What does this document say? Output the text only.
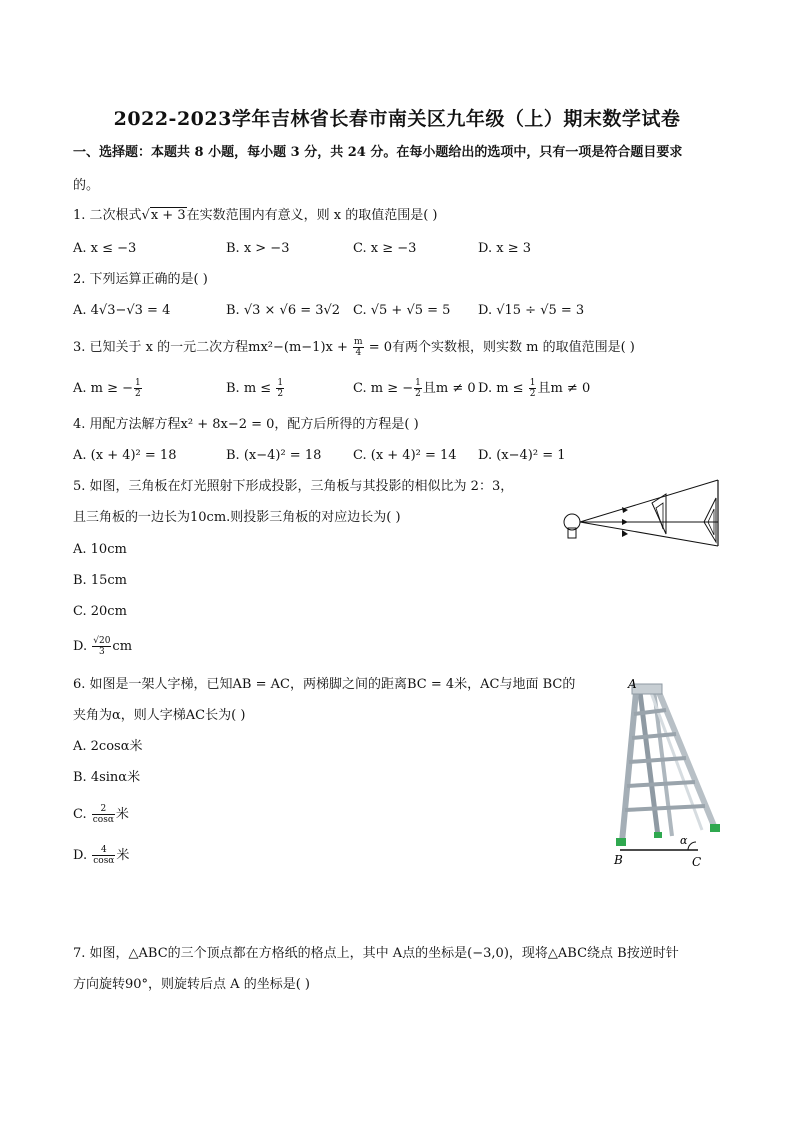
2022-2023学年吉林省长春市南关区九年级（上）期末数学试卷
一、选择题：本题共 8 小题，每小题 3 分，共 24 分。在每小题给出的选项中，只有一项是符合题目要求
的。
1. 二次根式√x + 3在实数范围内有意义，则 x 的取值范围是( )
A. x ≤ −3	B. x > −3	C. x ≥ −3	D. x ≥ 3
2. 下列运算正确的是( )
A. 4√3−√3 = 4	B. √3 × √6 = 3√2 C. √5 + √5 = 5 D. √15 ÷ √5 = 3
3. 已知关于 x 的一元二次方程$mx^2-(m-1)x + \frac{m}{4} = 0$有两个实数根，则实数 m 的取值范围是( )
A. m ≥ − $\frac{1}{2}$	B. $m \le \frac{1}{2}$	C. m ≥ − $\frac{1}{2}$ 且m ≠ 0 D. $m \le \frac{1}{2}$ 且m ≠ 0
4. 用配方法解方程x² + 8x−2 = 0，配方后所得的方程是( )
A. (x + 4)² = 18	B. (x−4)² = 18 C. (x + 4)² = 14 D. (x−4)² = 1
5. 如图，三角板在灯光照射下形成投影，三角板与其投影的相似比为 2：3，
且三角板的一边长为10cm.则投影三角板的对应边长为( )
A. 10cm
B. 15cm
C. 20cm
D. $\frac{√20}{3}$ cm
6. 如图是一架人字梯，已知AB = AC，两梯脚之间的距离BC = 4米，AC与地面 BC的
夹角为α，则人字梯AC长为( )
A. 2cosα米
B. 4sinα米
C. $\frac{2}{\cos\alpha}$ 米
D. $\frac{4}{\cos\alpha}$ 米
A
B	C
α
7. 如图，△ABC的三个顶点都在方格纸的格点上，其中 A点的坐标是(−3,0)，现将△ABC绕点 B按逆时针
方向旋转90°，则旋转后点 A 的坐标是( )
